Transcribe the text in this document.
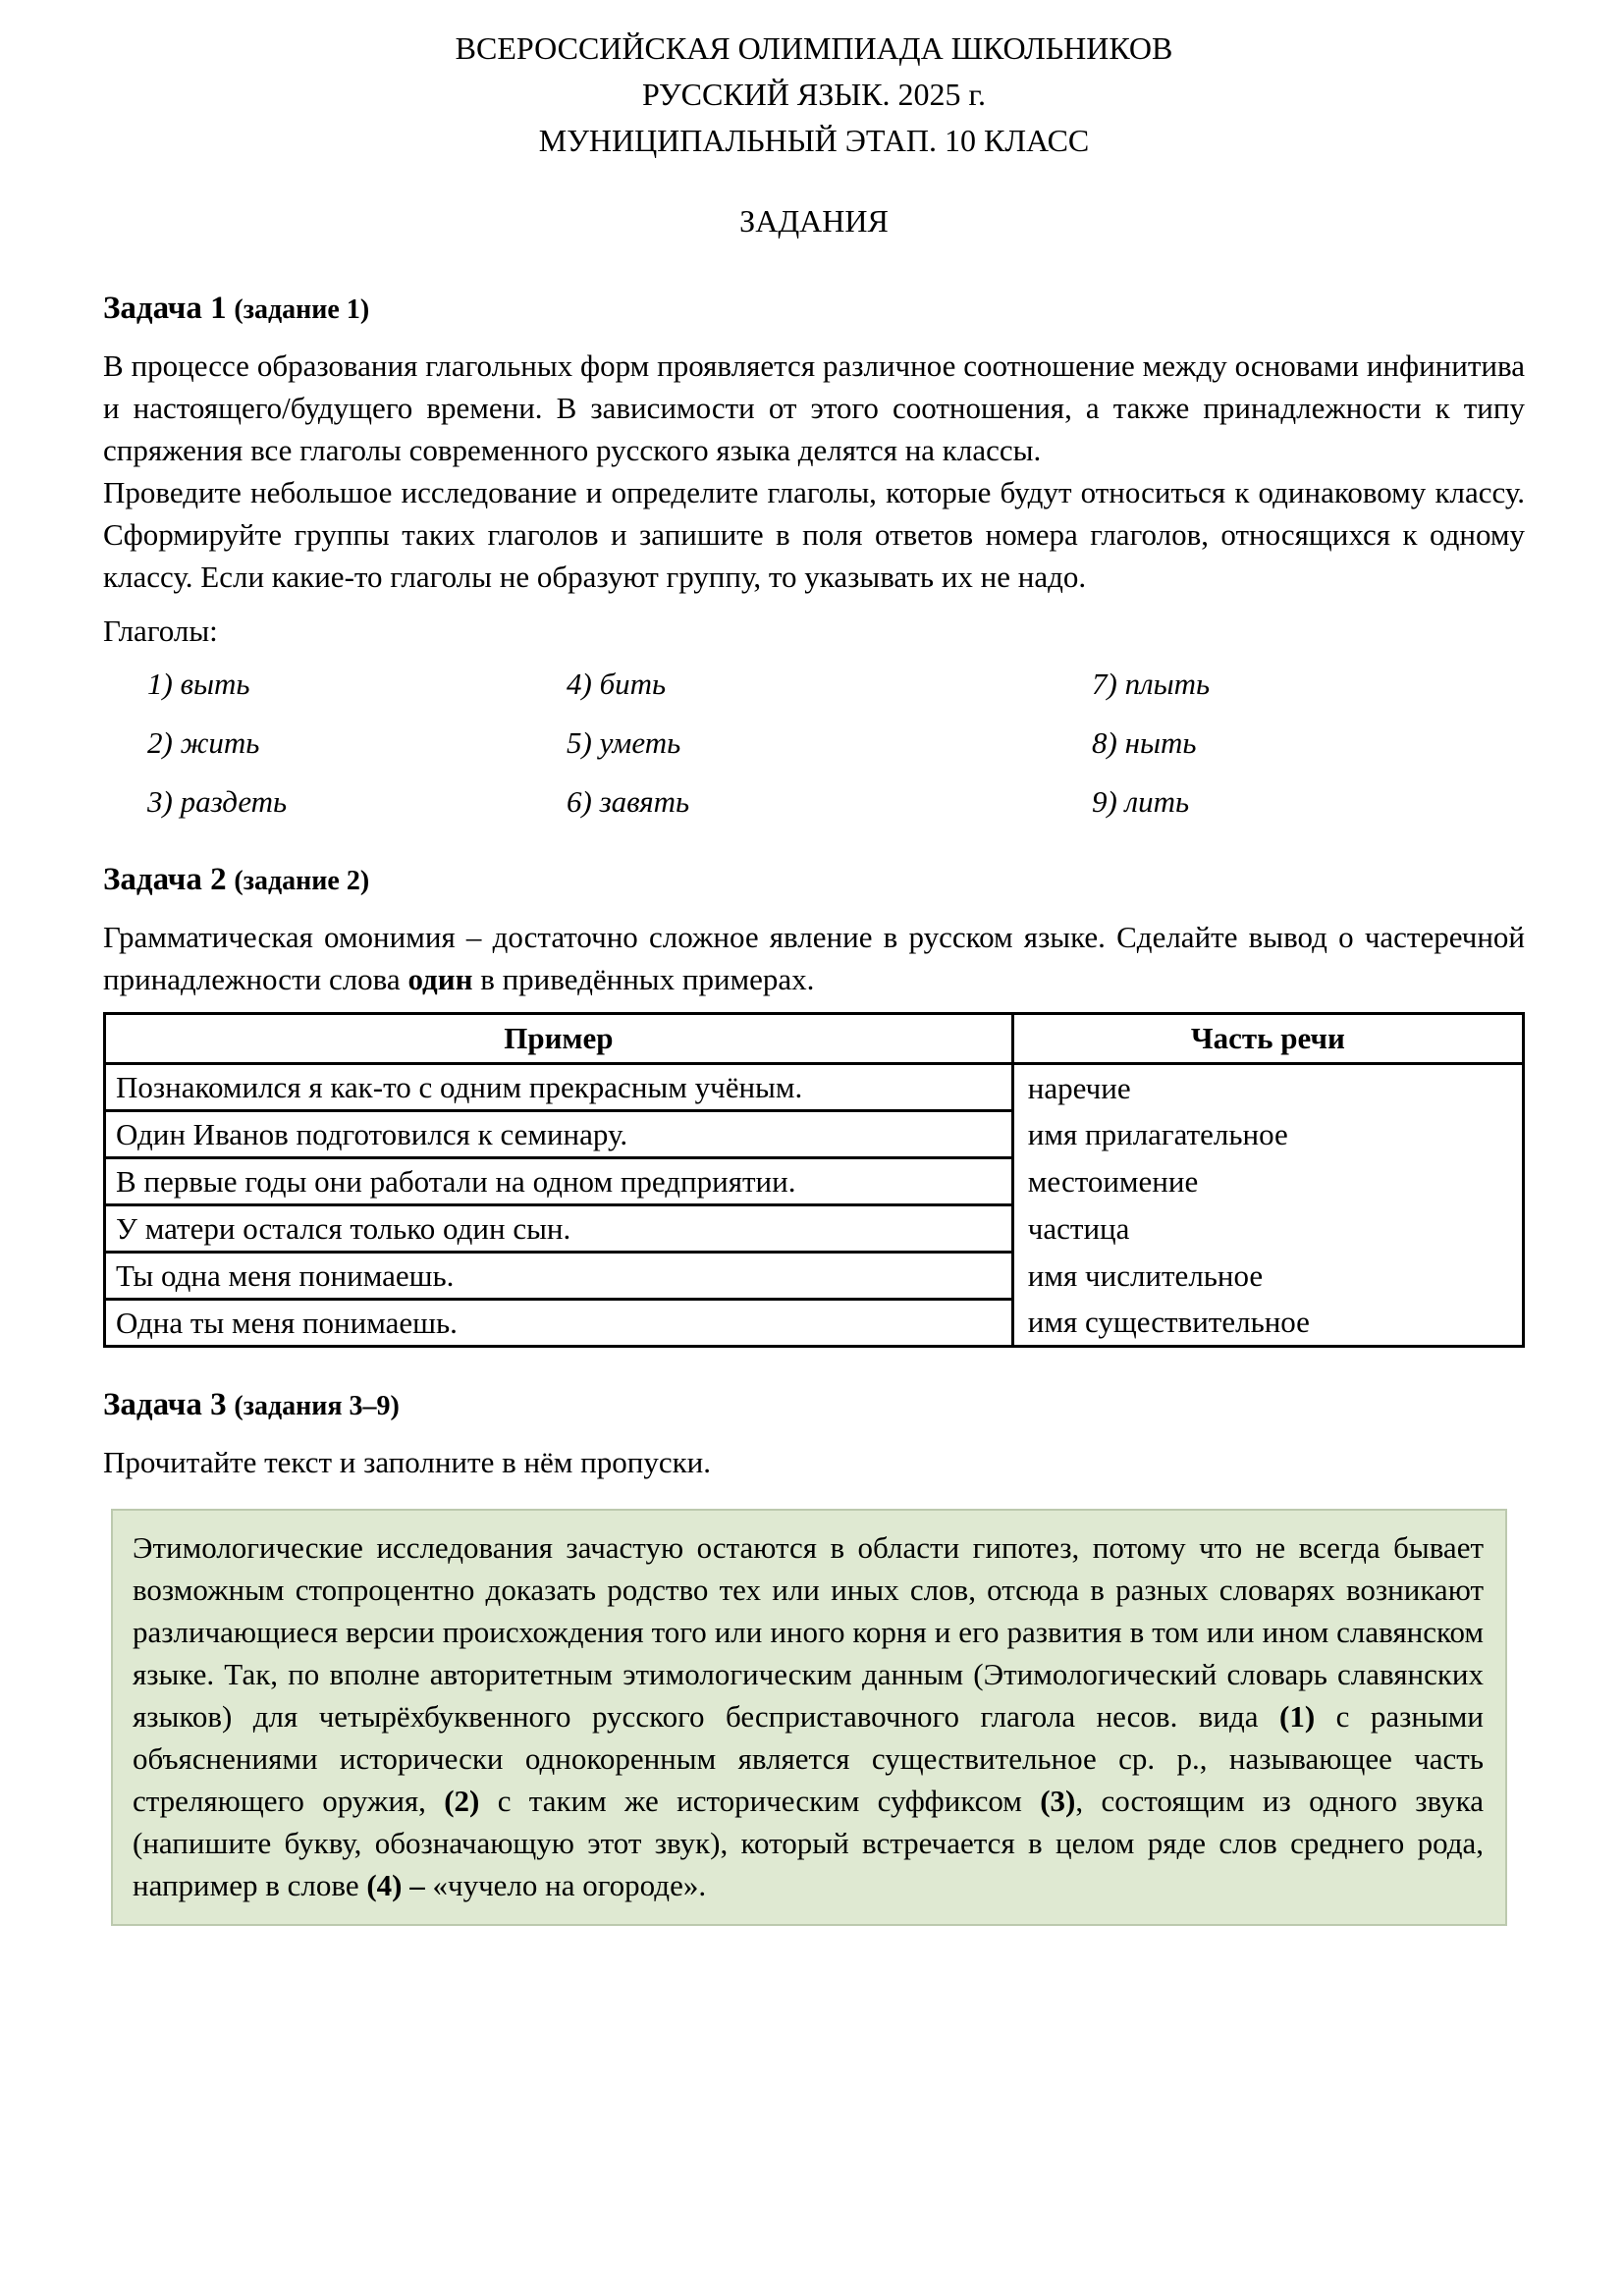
ВСЕРОССИЙСКАЯ ОЛИМПИАДА ШКОЛЬНИКОВ
РУССКИЙ ЯЗЫК. 2025 г.
МУНИЦИПАЛЬНЫЙ ЭТАП. 10 КЛАСС
ЗАДАНИЯ
Задача 1 (задание 1)

В процессе образования глагольных форм проявляется различное соотношение между основами инфинитива и настоящего/будущего времени. В зависимости от этого соотношения, а также принадлежности к типу спряжения все глаголы современного русского языка делятся на классы.

Проведите небольшое исследование и определите глаголы, которые будут относиться к одинаковому классу. Сформируйте группы таких глаголов и запишите в поля ответов номера глаголов, относящихся к одному классу. Если какие-то глаголы не образуют группу, то указывать их не надо.

Глаголы:

1) выть	4) бить	7) плыть
2) жить	5) уметь	8) ныть
3) раздеть	6) завять	9) лить
Задача 2 (задание 2)

Грамматическая омонимия – достаточно сложное явление в русском языке. Сделайте вывод о частеречной принадлежности слова один в приведённых примерах.

Пример	Часть речи
Познакомился я как-то с одним прекрасным учёным.	наречие
Один Иванов подготовился к семинару.	имя прилагательное
В первые годы они работали на одном предприятии.	местоимение
У матери остался только один сын.	частица
Ты одна меня понимаешь.	имя числительное
Одна ты меня понимаешь.	имя существительное
Задача 3 (задания 3–9)

Прочитайте текст и заполните в нём пропуски.

Этимологические исследования зачастую остаются в области гипотез, потому что не всегда бывает возможным стопроцентно доказать родство тех или иных слов, отсюда в разных словарях возникают различающиеся версии происхождения того или иного корня и его развития в том или ином славянском языке. Так, по вполне авторитетным этимологическим данным (Этимологический словарь славянских языков) для четырёхбуквенного русского бесприставочного глагола несов. вида (1) с разными объяснениями исторически однокоренным является существительное ср. р., называющее часть стреляющего оружия, (2) с таким же историческим суффиксом (3), состоящим из одного звука (напишите букву, обозначающую этот звук), который встречается в целом ряде слов среднего рода, например в слове (4) – «чучело на огороде».
